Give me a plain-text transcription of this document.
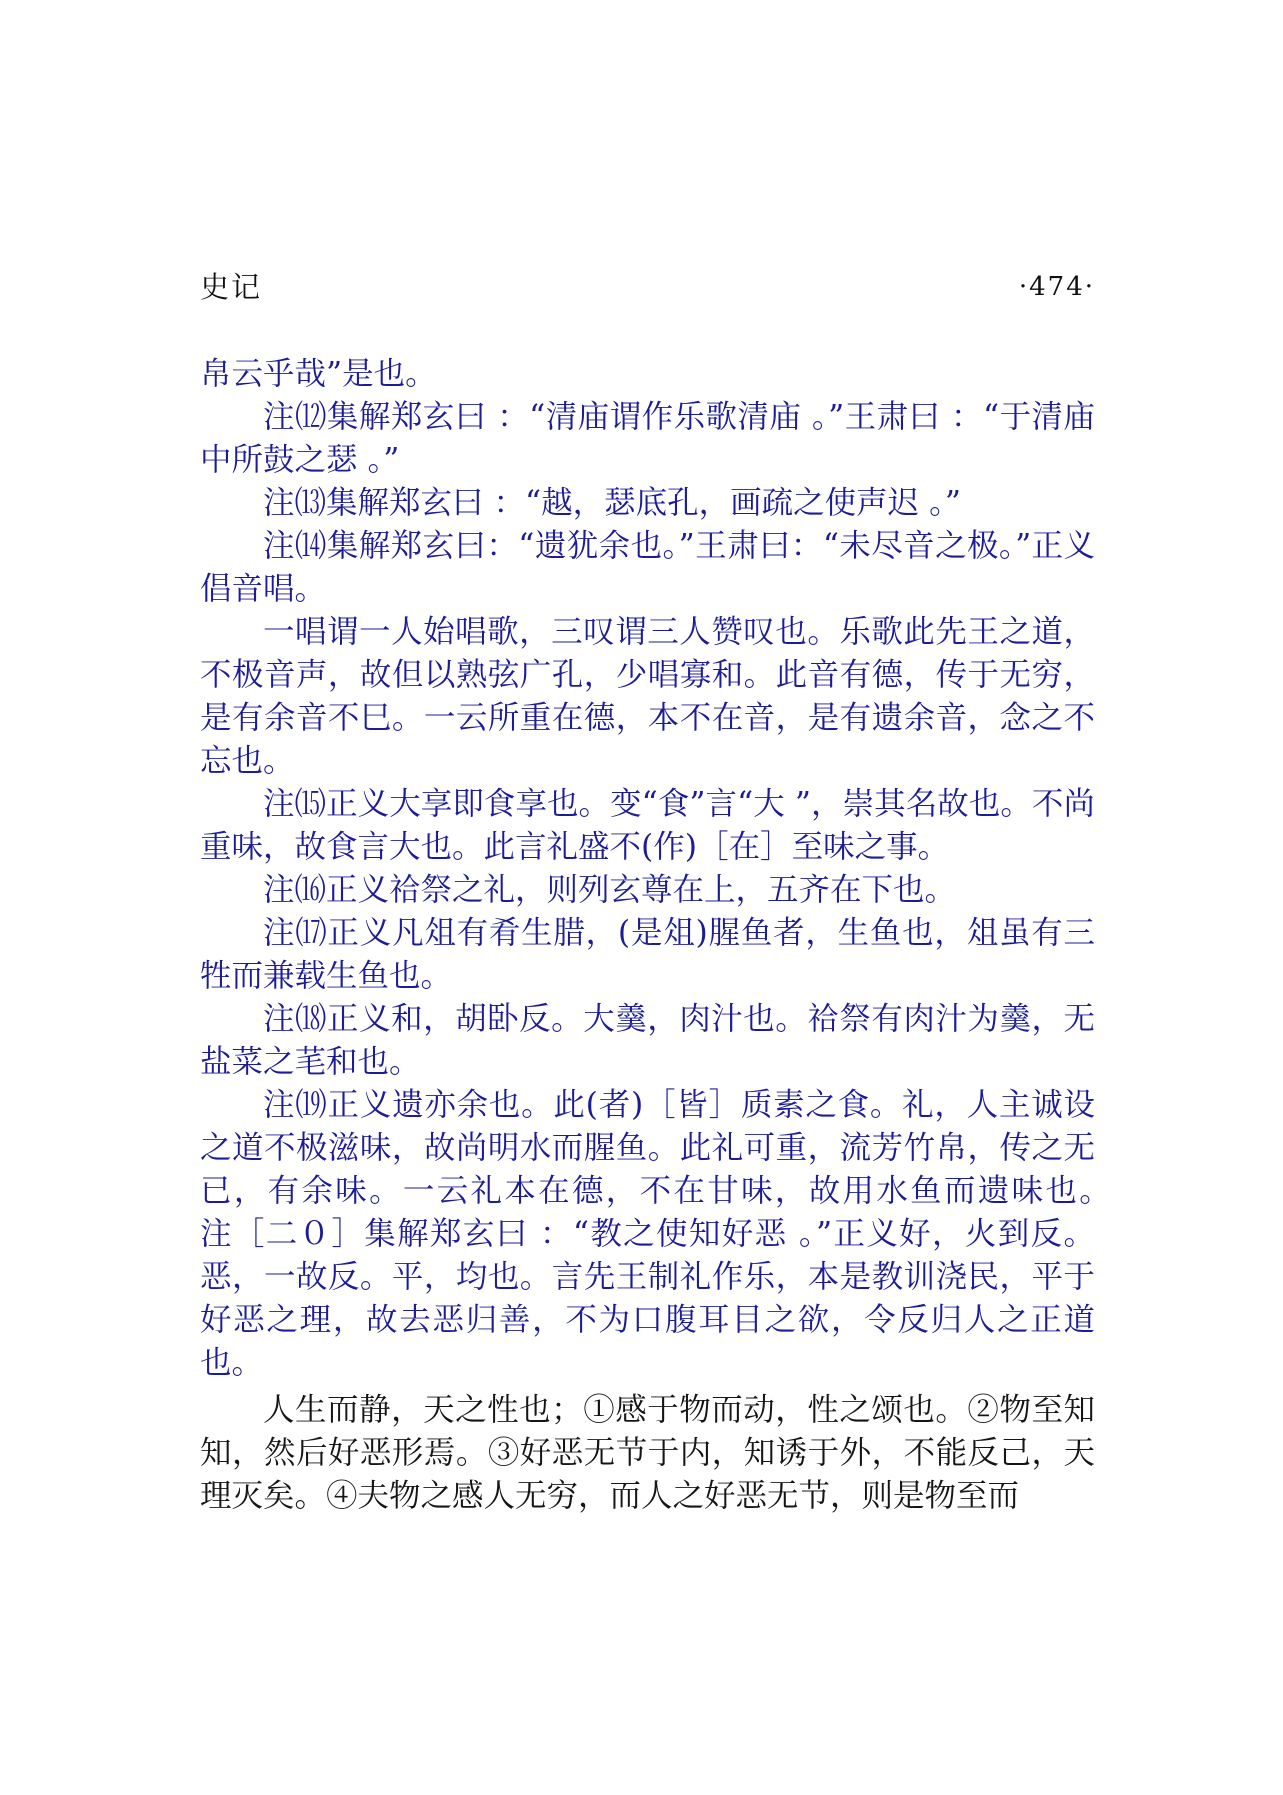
史记	·474·

帛云乎哉”是也。

注⑿集解郑玄曰 ：“清庙谓作乐歌清庙 。”王肃曰 ：“于清庙中所鼓之瑟 。”

注⒀集解郑玄曰 ：“越，瑟底孔，画疏之使声迟 。”

注⒁集解郑玄曰：“遗犹余也。”王肃曰：“未尽音之极。”正义倡音唱。

一唱谓一人始唱歌，三叹谓三人赞叹也。乐歌此先王之道，不极音声，故但以熟弦广孔，少唱寡和。此音有德，传于无穷，是有余音不巳。一云所重在德，本不在音，是有遗余音，念之不忘也。

注⒂正义大享即食享也。变“食”言“大 ”，崇其名故也。不尚重味，故食言大也。此言礼盛不(作)［在］至味之事。

注⒃正义祫祭之礼，则列玄尊在上，五齐在下也。

注⒄正义凡俎有肴生腊，(是俎)腥鱼者，生鱼也，俎虽有三牲而兼载生鱼也。

注⒅正义和，胡卧反。大羹，肉汁也。祫祭有肉汁为羹，无盐菜之芼和也。

注⒆正义遗亦余也。此(者)［皆］质素之食。礼，人主诚设之道不极滋味，故尚明水而腥鱼。此礼可重，流芳竹帛，传之无已，有余味。一云礼本在德，不在甘味，故用水鱼而遗味也。　　注［二０］集解郑玄曰 ：“教之使知好恶 。”正义好，火到反。恶，一故反。平，均也。言先王制礼作乐，本是教训浇民，平于好恶之理，故去恶归善，不为口腹耳目之欲，令反归人之正道也。

人生而静，天之性也；①感于物而动，性之颂也。②物至知知，然后好恶形焉。③好恶无节于内，知诱于外，不能反己，天理灭矣。④夫物之感人无穷，而人之好恶无节，则是物至而
